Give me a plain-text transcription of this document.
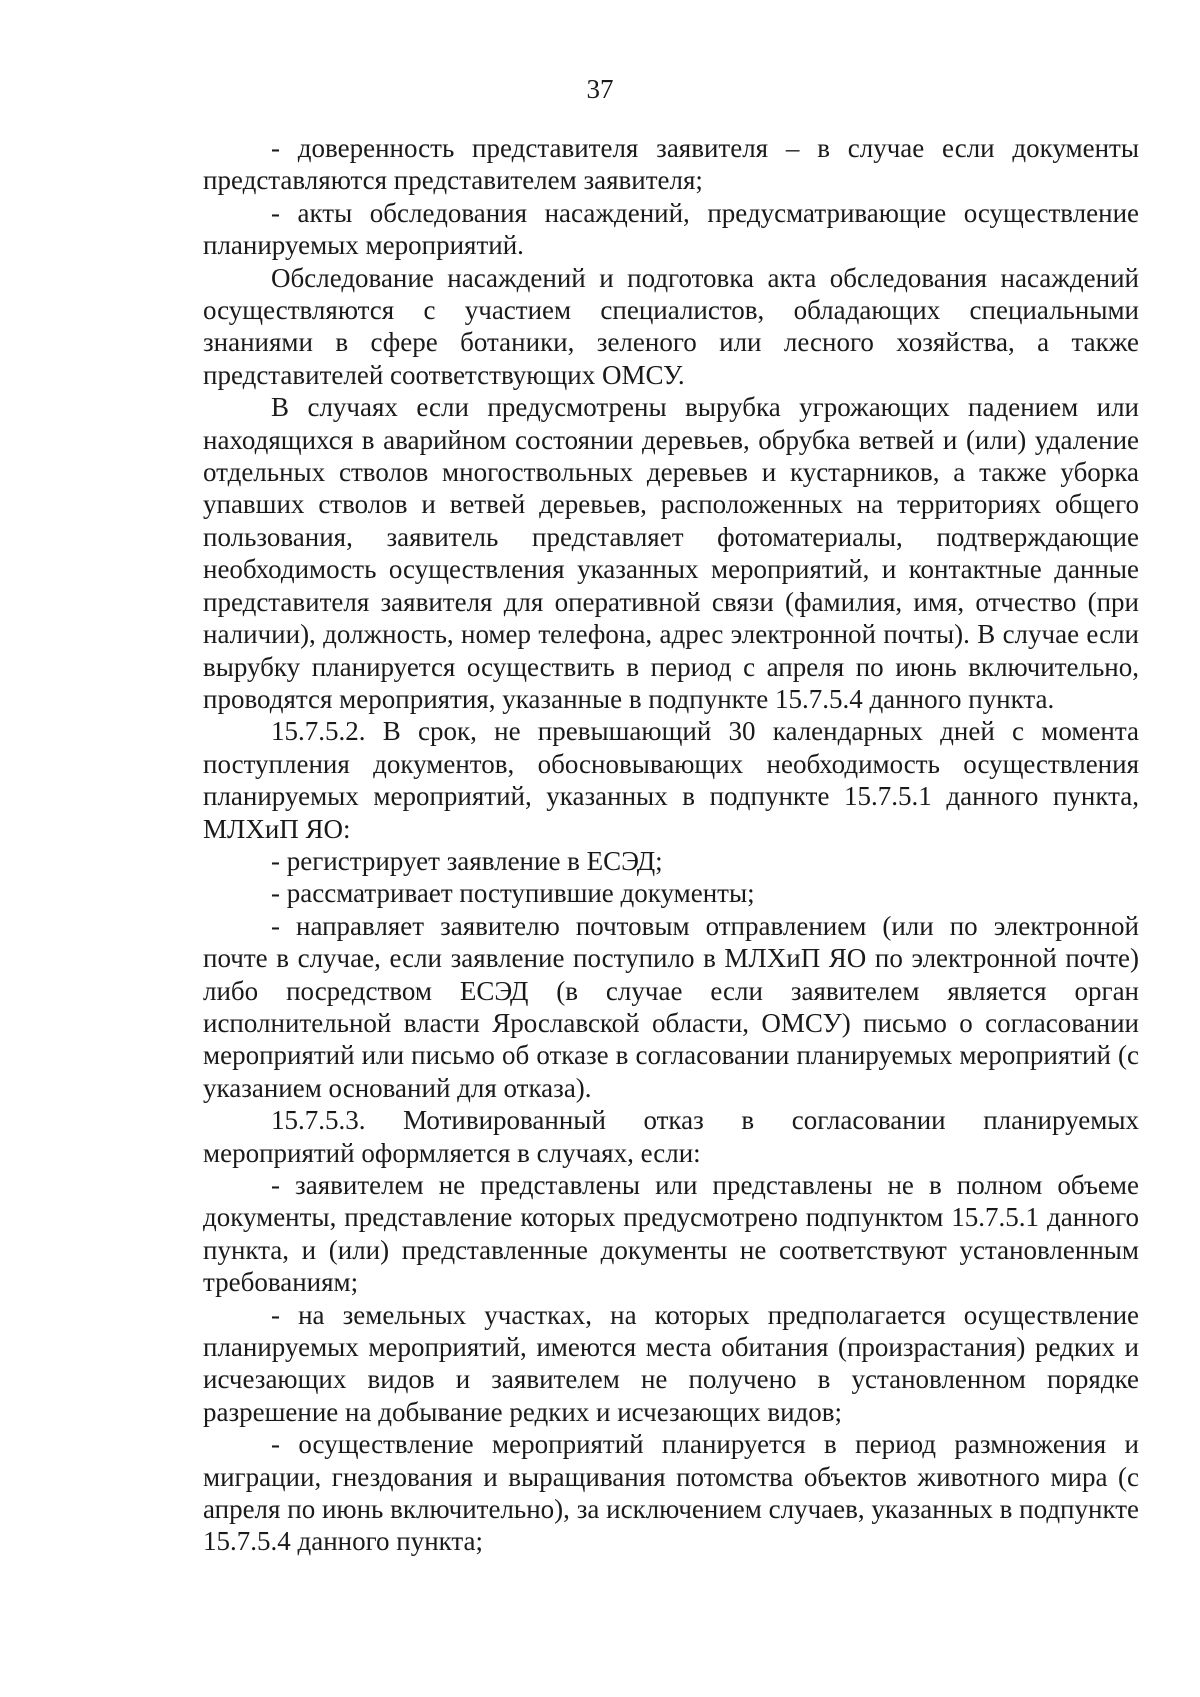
37

- доверенность представителя заявителя – в случае если документы представляются представителем заявителя;

- акты обследования насаждений, предусматривающие осуществление планируемых мероприятий.

Обследование насаждений и подготовка акта обследования насаждений осуществляются с участием специалистов, обладающих специальными знаниями в сфере ботаники, зеленого или лесного хозяйства, а также представителей соответствующих ОМСУ.

В случаях если предусмотрены вырубка угрожающих падением или находящихся в аварийном состоянии деревьев, обрубка ветвей и (или) удаление отдельных стволов многоствольных деревьев и кустарников, а также уборка упавших стволов и ветвей деревьев, расположенных на территориях общего пользования, заявитель представляет фотоматериалы, подтверждающие необходимость осуществления указанных мероприятий, и контактные данные представителя заявителя для оперативной связи (фамилия, имя, отчество (при наличии), должность, номер телефона, адрес электронной почты). В случае если вырубку планируется осуществить в период с апреля по июнь включительно, проводятся мероприятия, указанные в подпункте 15.7.5.4 данного пункта.

15.7.5.2. В срок, не превышающий 30 календарных дней с момента поступления документов, обосновывающих необходимость осуществления планируемых мероприятий, указанных в подпункте 15.7.5.1 данного пункта, МЛХиП ЯО:

- регистрирует заявление в ЕСЭД;

- рассматривает поступившие документы;

- направляет заявителю почтовым отправлением (или по электронной почте в случае, если заявление поступило в МЛХиП ЯО по электронной почте) либо посредством ЕСЭД (в случае если заявителем является орган исполнительной власти Ярославской области, ОМСУ) письмо о согласовании мероприятий или письмо об отказе в согласовании планируемых мероприятий (с указанием оснований для отказа).

15.7.5.3. Мотивированный отказ в согласовании планируемых мероприятий оформляется в случаях, если:

- заявителем не представлены или представлены не в полном объеме документы, представление которых предусмотрено подпунктом 15.7.5.1 данного пункта, и (или) представленные документы не соответствуют установленным требованиям;

- на земельных участках, на которых предполагается осуществление планируемых мероприятий, имеются места обитания (произрастания) редких и исчезающих видов и заявителем не получено в установленном порядке разрешение на добывание редких и исчезающих видов;

- осуществление мероприятий планируется в период размножения и миграции, гнездования и выращивания потомства объектов животного мира (с апреля по июнь включительно), за исключением случаев, указанных в подпункте 15.7.5.4 данного пункта;
